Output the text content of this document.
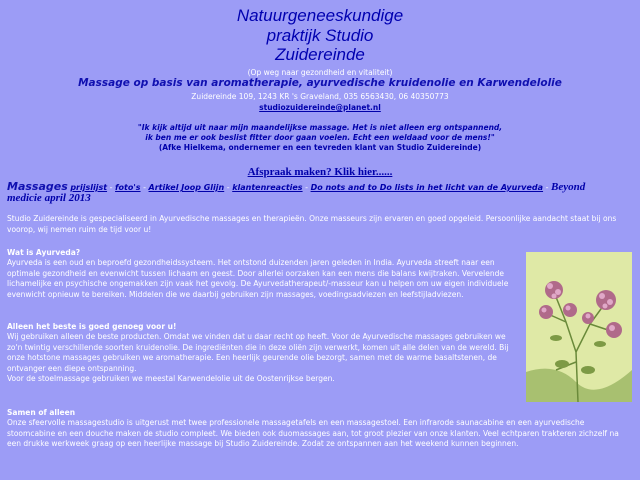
Natuurgeneeskundige
praktijk Studio
Zuidereinde
(Op weg naar gezondheid en vitaliteit)
Massage op basis van aromatherapie, ayurvedische kruidenolie en Karwendelolie
Zuidereinde 109, 1243 KR 's Graveland, 035 6563430, 06 40350773
studiozuidereinde@planet.nl
"Ik kijk altijd uit naar mijn maandelijkse massage. Het is niet alleen erg ontspannend,
ik ben me er ook beslist fitter door gaan voelen. Echt een weldaad voor de mens!"
(Afke Hielkema, ondernemer en een tevreden klant van Studio Zuidereinde)
Afspraak maken? Klik hier......
Massages prijslijst - foto's - Artikel Joop Glijn - klantenreacties - Do nots and to Do lists in het licht van de Ayurveda - Beyond medicie april 2013
Studio Zuidereinde is gespecialiseerd in Ayurvedische massages en therapieën. Onze masseurs zijn ervaren en goed opgeleid. Persoonlijke aandacht staat bij ons voorop, wij nemen ruim de tijd voor u!
Wat is Ayurveda?
Ayurveda is een oud en beproefd gezondheidssysteem. Het ontstond duizenden jaren geleden in India. Ayurveda streeft naar een optimale gezondheid en evenwicht tussen lichaam en geest. Door allerlei oorzaken kan een mens die balans kwijtraken. Vervelende lichamelijke en psychische ongemakken zijn vaak het gevolg. De Ayurvedatherapeut/-masseur kan u helpen om uw eigen individuele evenwicht opnieuw te bereiken. Middelen die we daarbij gebruiken zijn massages, voedingsadviezen en leefstijladviezen.
Alleen het beste is goed genoeg voor u!
Wij gebruiken alleen de beste producten. Omdat we vinden dat u daar recht op heeft. Voor de Ayurvedische massages gebruiken we zo'n twintig verschillende soorten kruidenolie. De ingrediënten die in deze oliën zijn verwerkt, komen uit alle delen van de wereld. Bij onze hotstone massages gebruiken we aromatherapie. Een heerlijk geurende olie bezorgt, samen met de warme basaltstenen, de ontvanger een diepe ontspanning.
Voor de stoelmassage gebruiken we meestal Karwendelolie uit de Oostenrijkse bergen.
Samen of alleen
Onze sfeervolle massagestudio is uitgerust met twee professionele massagetafels en een massagestoel. Een infrarode saunacabine en een ayurvedische stoomcabine en een douche maken de studio compleet. We bieden ook duomassages aan, tot groot plezier van onze klanten. Veel echtparen trakteren zichzelf na een drukke werkweek graag op een heerlijke massage bij Studio Zuidereinde. Zodat ze ontspannen aan het weekend kunnen beginnen.
